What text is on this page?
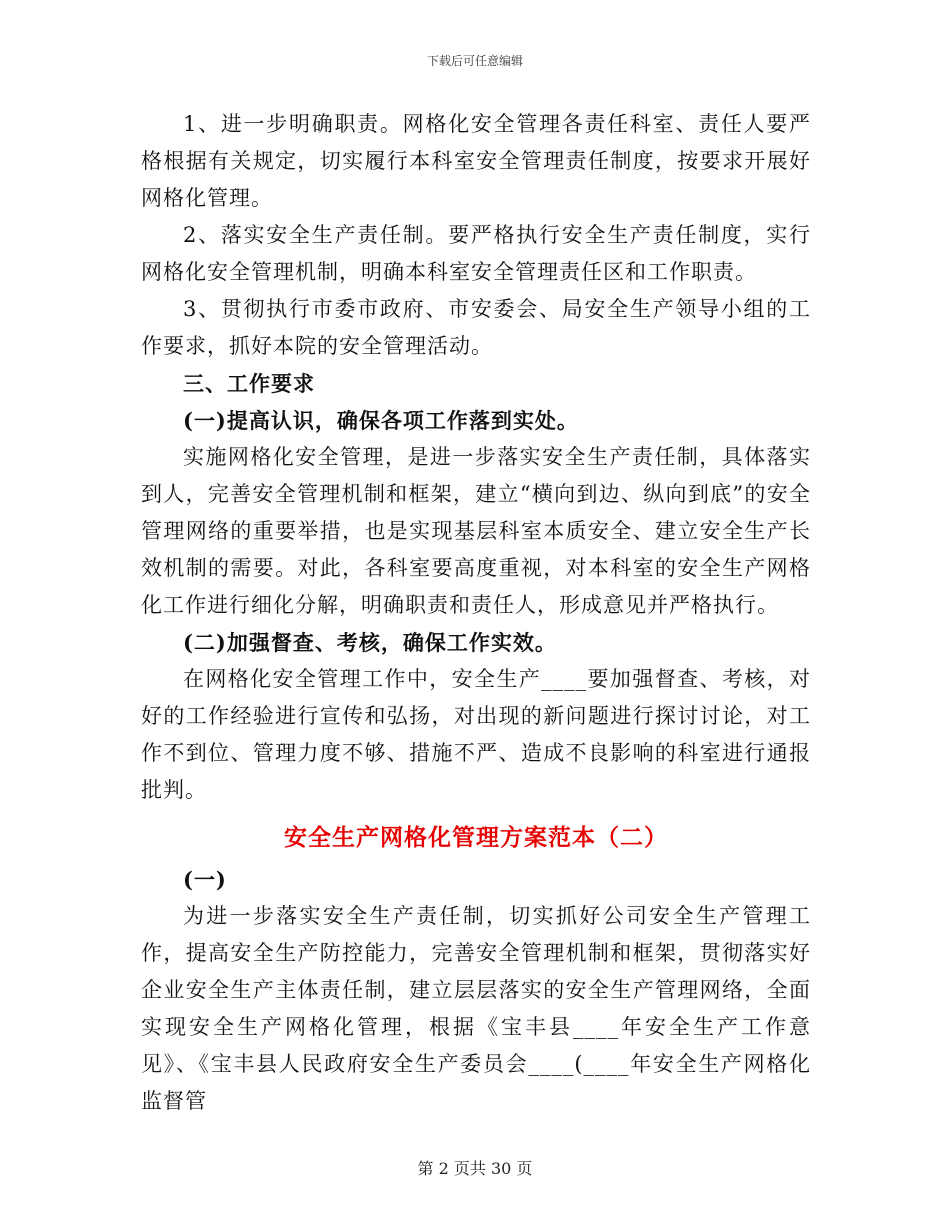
下载后可任意编辑

1、进一步明确职责。网格化安全管理各责任科室、责任人要严格根据有关规定，切实履行本科室安全管理责任制度，按要求开展好网格化管理。

2、落实安全生产责任制。要严格执行安全生产责任制度，实行网格化安全管理机制，明确本科室安全管理责任区和工作职责。

3、贯彻执行市委市政府、市安委会、局安全生产领导小组的工作要求，抓好本院的安全管理活动。

三、工作要求

(一)提高认识，确保各项工作落到实处。

实施网格化安全管理，是进一步落实安全生产责任制，具体落实到人，完善安全管理机制和框架，建立“横向到边、纵向到底”的安全管理网络的重要举措，也是实现基层科室本质安全、建立安全生产长效机制的需要。对此，各科室要高度重视，对本科室的安全生产网格化工作进行细化分解，明确职责和责任人，形成意见并严格执行。

(二)加强督查、考核，确保工作实效。

在网格化安全管理工作中，安全生产____要加强督查、考核，对好的工作经验进行宣传和弘扬，对出现的新问题进行探讨讨论，对工作不到位、管理力度不够、措施不严、造成不良影响的科室进行通报批判。

安全生产网格化管理方案范本（二）

(一)

为进一步落实安全生产责任制，切实抓好公司安全生产管理工作，提高安全生产防控能力，完善安全管理机制和框架，贯彻落实好企业安全生产主体责任制，建立层层落实的安全生产管理网络，全面实现安全生产网格化管理，根据《宝丰县____年安全生产工作意见》、《宝丰县人民政府安全生产委员会____(____年安全生产网格化监督管

第 2 页共 30 页
